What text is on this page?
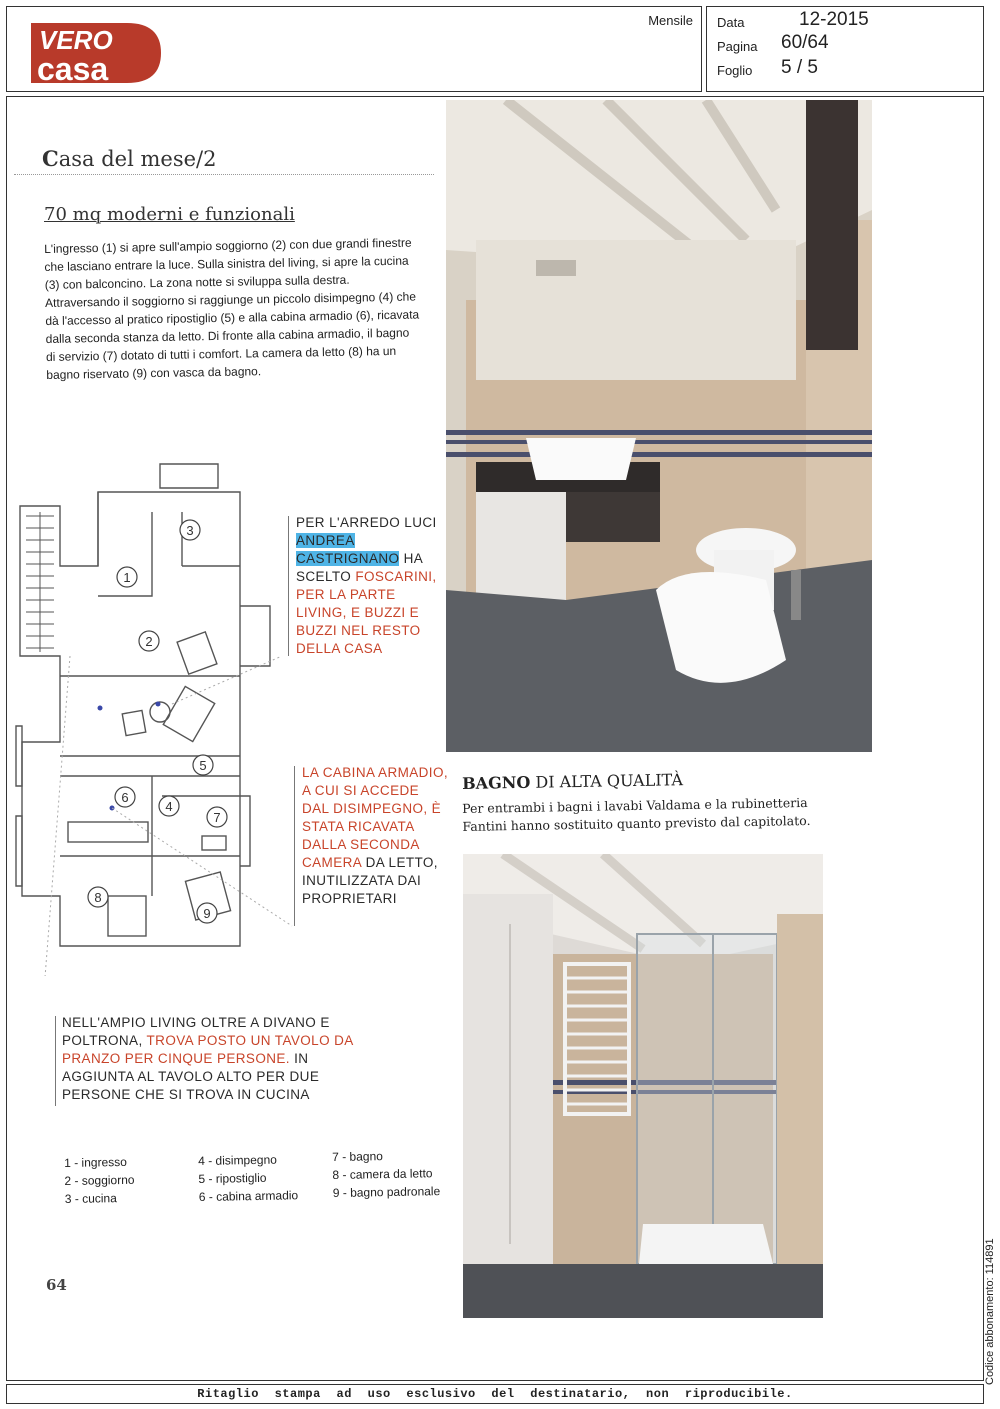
VERO
casa
Mensile Data	12-2015
Pagina 60/64
Foglio 5 / 5
Casa del mese/2
70 mq moderni e funzionali

L'ingresso (1) si apre sull'ampio soggiorno (2) con due grandi finestre che lasciano entrare la luce. Sulla sinistra del living, si apre la cucina (3) con balconcino. La zona notte si sviluppa sulla destra. Attraversando il soggiorno si raggiunge un piccolo disimpegno (4) che dà l'accesso al pratico ripostiglio (5) e alla cabina armadio (6), ricavata dalla seconda stanza da letto. Di fronte alla cabina armadio, il bagno di servizio (7) dotato di tutti i comfort. La camera da letto (8) ha un bagno riservato (9) con vasca da bagno.

3
1
2
4
5
6
7
8
9
PER L'ARREDO LUCI ANDREA CASTRIGNANO HA SCELTO FOSCARINI, PER LA PARTE LIVING, E BUZZI E BUZZI NEL RESTO DELLA CASA
LA CABINA ARMADIO, A CUI SI ACCEDE DAL DISIMPEGNO, È STATA RICAVATA DALLA SECONDA CAMERA DA LETTO, INUTILIZZATA DAI PROPRIETARI
NELL'AMPIO LIVING OLTRE A DIVANO E POLTRONA, TROVA POSTO UN TAVOLO DA PRANZO PER CINQUE PERSONE. IN AGGIUNTA AL TAVOLO ALTO PER DUE PERSONE CHE SI TROVA IN CUCINA
1 - ingresso
2 - soggiorno
3 - cucina
4 - disimpegno
5 - ripostiglio
6 - cabina armadio
7 - bagno
8 - camera da letto
9 - bagno padronale
64
BAGNO DI ALTA QUALITÀ

Per entrambi i bagni i lavabi Valdama e la rubinetteria Fantini hanno sostituito quanto previsto dal capitolato.

Ritaglio stampa ad uso esclusivo del destinatario, non riproducibile.
Codice abbonamento: 114891
